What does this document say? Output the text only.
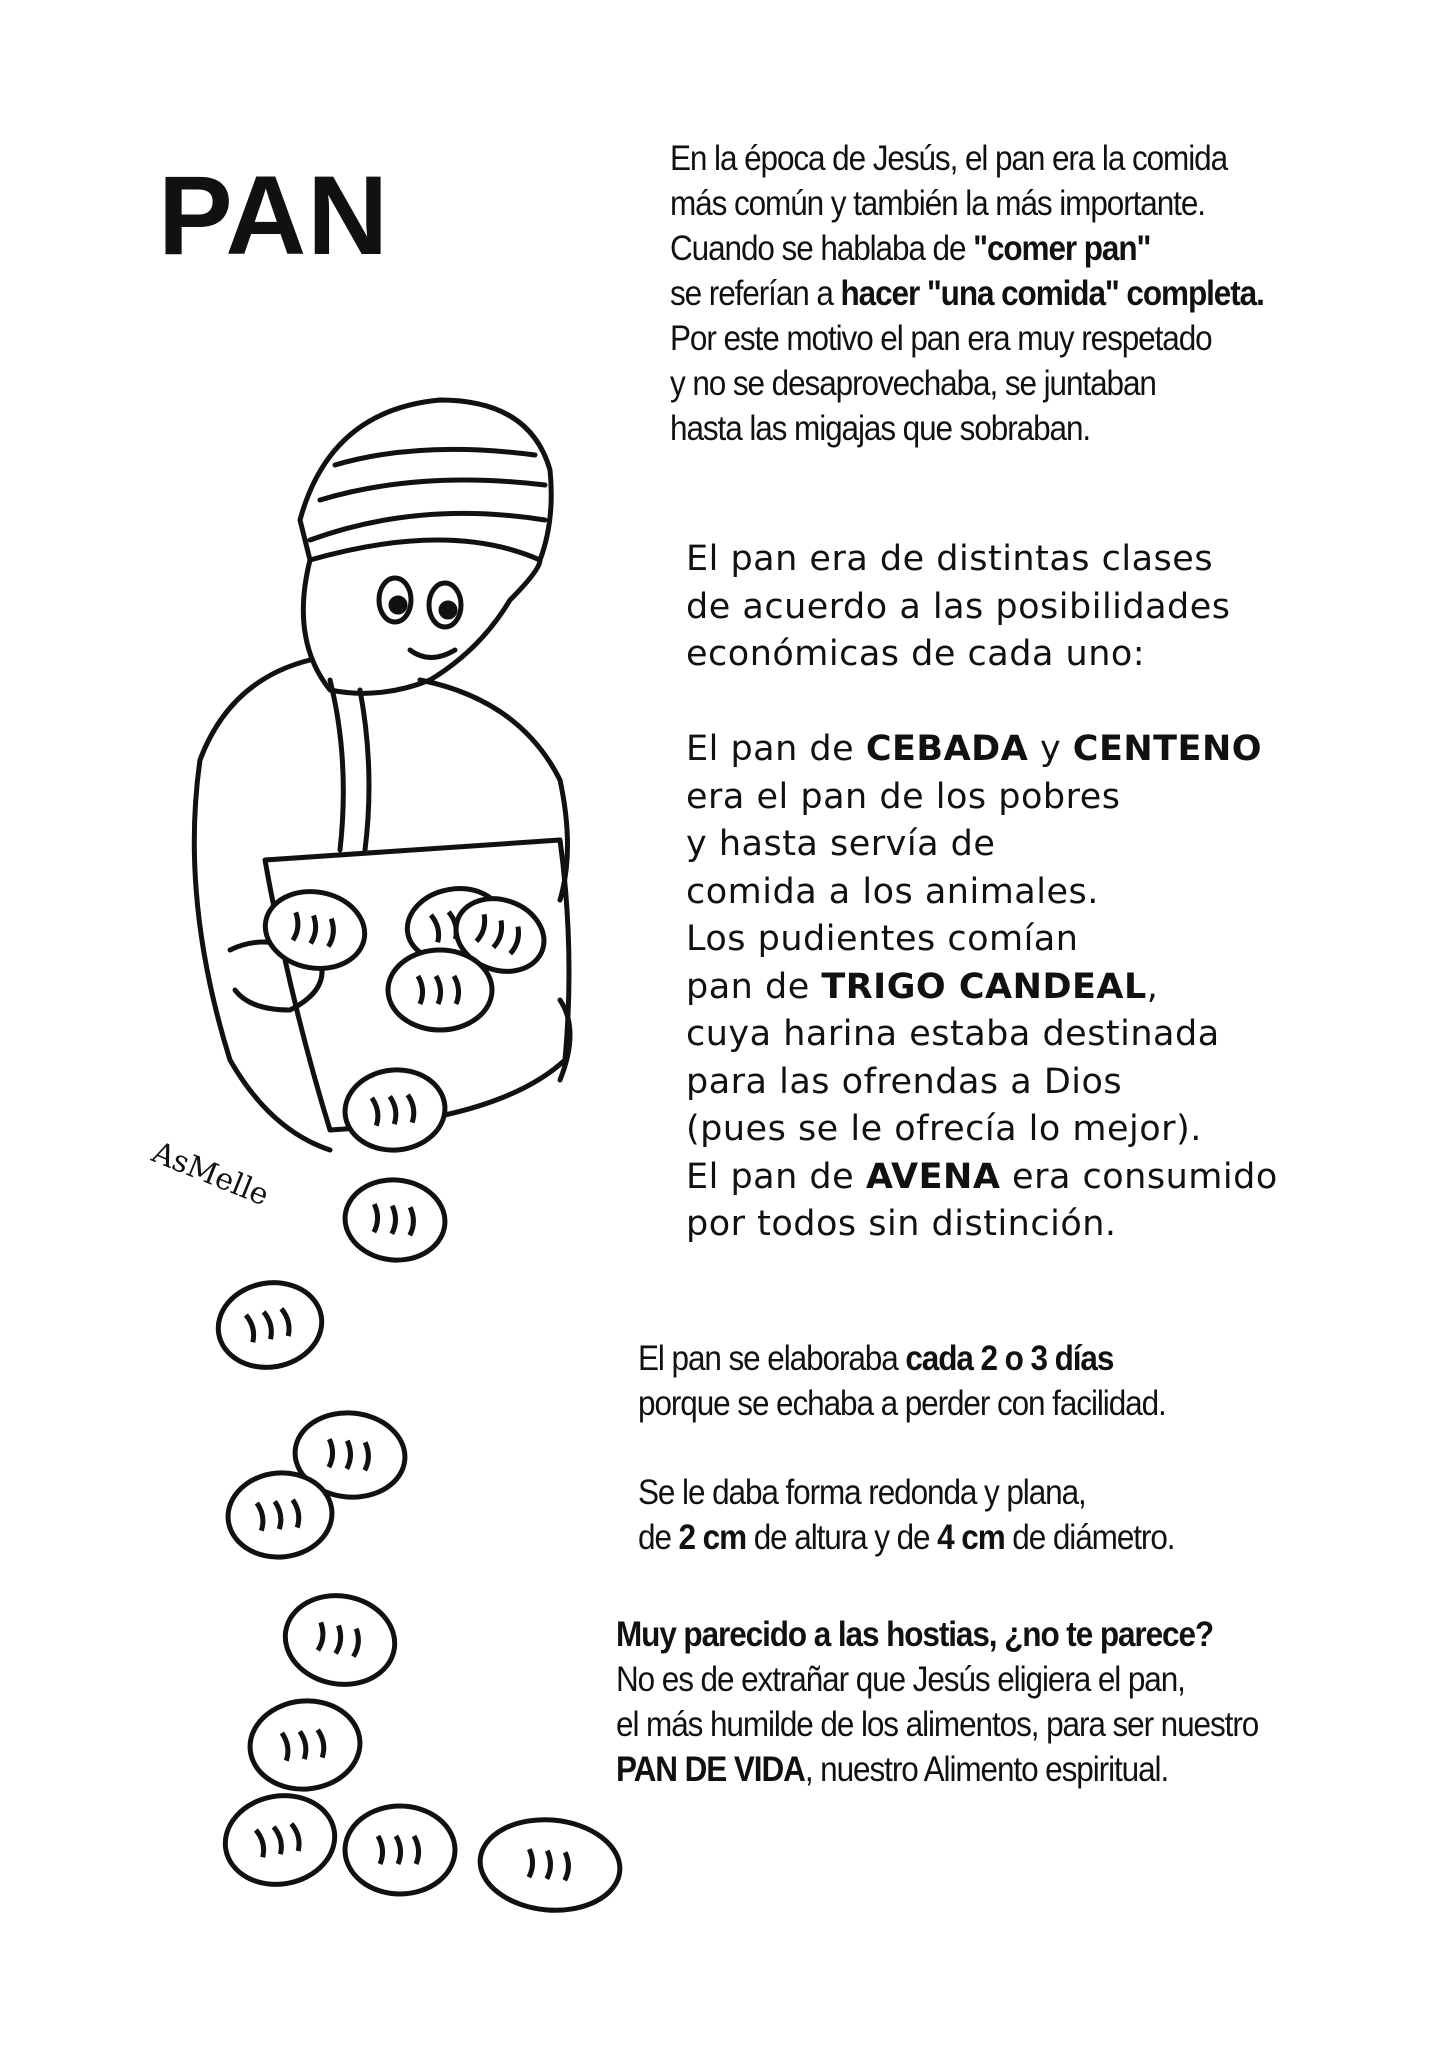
PAN
AsMelle
En la época de Jesús, el pan era la comida
más común y también la más importante.
Cuando se hablaba de "comer pan"
se referían a hacer "una comida" completa.
Por este motivo el pan era muy respetado
y no se desaprovechaba, se juntaban
hasta las migajas que sobraban.
El pan era de distintas clases
de acuerdo a las posibilidades
económicas de cada uno:
El pan de CEBADA y CENTENO
era el pan de los pobres
y hasta servía de
comida a los animales.
Los pudientes comían
pan de TRIGO CANDEAL,
cuya harina estaba destinada
para las ofrendas a Dios
(pues se le ofrecía lo mejor).
El pan de AVENA era consumido
por todos sin distinción.
El pan se elaboraba cada 2 o 3 días
porque se echaba a perder con facilidad.
Se le daba forma redonda y plana,
de 2 cm de altura y de 4 cm de diámetro.
Muy parecido a las hostias, ¿no te parece?
No es de extrañar que Jesús eligiera el pan,
el más humilde de los alimentos, para ser nuestro
PAN DE VIDA, nuestro Alimento espiritual.
